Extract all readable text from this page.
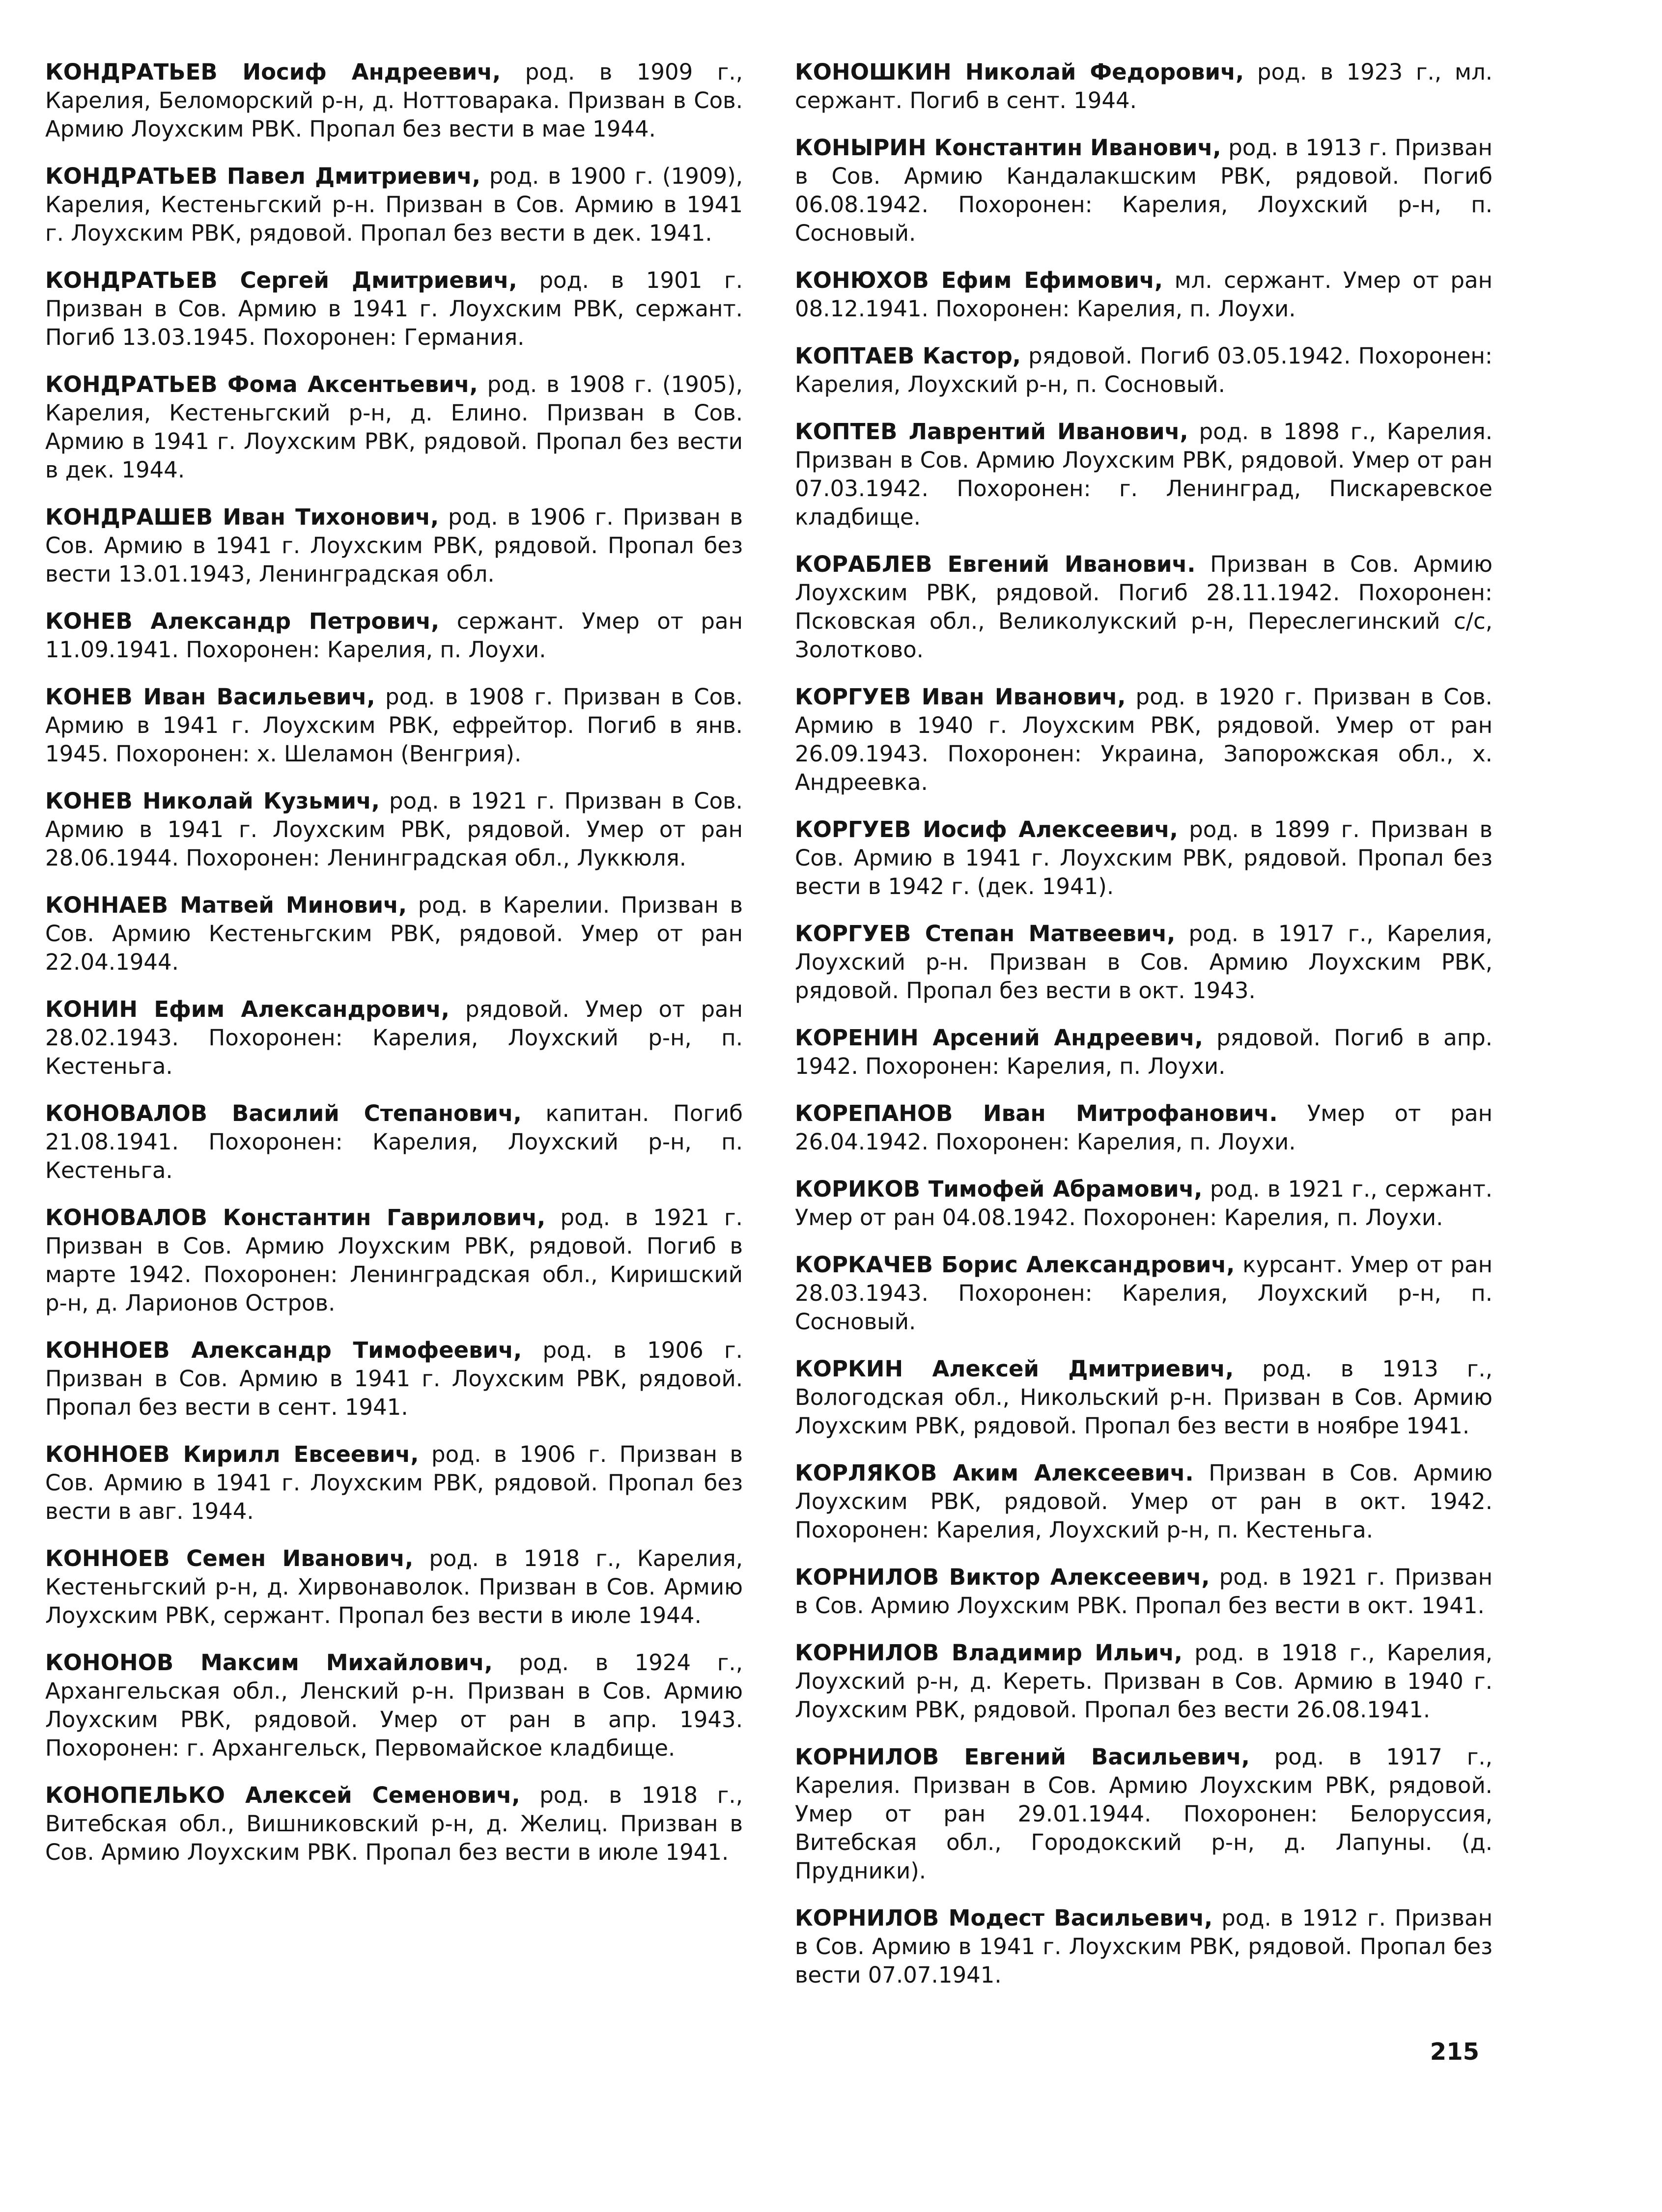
КОНДРАТЬЕВ Иосиф Андреевич, род. в 1909 г., Карелия, Беломорский р-н, д. Ноттоварака. Призван в Сов. Армию Лоухским РВК. Пропал без вести в мае 1944.

КОНДРАТЬЕВ Павел Дмитриевич, род. в 1900 г. (1909), Карелия, Кестеньгский р-н. Призван в Сов. Армию в 1941 г. Лоухским РВК, рядовой. Пропал без вести в дек. 1941.

КОНДРАТЬЕВ Сергей Дмитриевич, род. в 1901 г. Призван в Сов. Армию в 1941 г. Лоухским РВК, сержант. Погиб 13.03.1945. Похоронен: Германия.

КОНДРАТЬЕВ Фома Аксентьевич, род. в 1908 г. (1905), Карелия, Кестеньгский р-н, д. Елино. Призван в Сов. Армию в 1941 г. Лоухским РВК, рядовой. Пропал без вести в дек. 1944.

КОНДРАШЕВ Иван Тихонович, род. в 1906 г. Призван в Сов. Армию в 1941 г. Лоухским РВК, рядовой. Пропал без вести 13.01.1943, Ленинградская обл.

КОНЕВ Александр Петрович, сержант. Умер от ран 11.09.1941. Похоронен: Карелия, п. Лоухи.

КОНЕВ Иван Васильевич, род. в 1908 г. Призван в Сов. Армию в 1941 г. Лоухским РВК, ефрейтор. Погиб в янв. 1945. Похоронен: х. Шеламон (Венгрия).

КОНЕВ Николай Кузьмич, род. в 1921 г. Призван в Сов. Армию в 1941 г. Лоухским РВК, рядовой. Умер от ран 28.06.1944. Похоронен: Ленинградская обл., Луккюля.

КОННАЕВ Матвей Минович, род. в Карелии. Призван в Сов. Армию Кестеньгским РВК, рядовой. Умер от ран 22.04.1944.

КОНИН Ефим Александрович, рядовой. Умер от ран 28.02.1943. Похоронен: Карелия, Лоухский р-н, п. Кестеньга.

КОНОВАЛОВ Василий Степанович, капитан. Погиб 21.08.1941. Похоронен: Карелия, Лоухский р-н, п. Кестеньга.

КОНОВАЛОВ Константин Гаврилович, род. в 1921 г. Призван в Сов. Армию Лоухским РВК, рядовой. Погиб в марте 1942. Похоронен: Ленинградская обл., Киришский р-н, д. Ларионов Остров.

КОННОЕВ Александр Тимофеевич, род. в 1906 г. Призван в Сов. Армию в 1941 г. Лоухским РВК, рядовой. Пропал без вести в сент. 1941.

КОННОЕВ Кирилл Евсеевич, род. в 1906 г. Призван в Сов. Армию в 1941 г. Лоухским РВК, рядовой. Пропал без вести в авг. 1944.

КОННОЕВ Семен Иванович, род. в 1918 г., Карелия, Кестеньгский р-н, д. Хирвонаволок. Призван в Сов. Армию Лоухским РВК, сержант. Пропал без вести в июле 1944.

КОНОНОВ Максим Михайлович, род. в 1924 г., Архангельская обл., Ленский р-н. Призван в Сов. Армию Лоухским РВК, рядовой. Умер от ран в апр. 1943. Похоронен: г. Архангельск, Первомайское кладбище.

КОНОПЕЛЬКО Алексей Семенович, род. в 1918 г., Витебская обл., Вишниковский р-н, д. Желиц. Призван в Сов. Армию Лоухским РВК. Пропал без вести в июле 1941.

КОНОШКИН Николай Федорович, род. в 1923 г., мл. сержант. Погиб в сент. 1944.

КОНЫРИН Константин Иванович, род. в 1913 г. Призван в Сов. Армию Кандалакшским РВК, рядовой. Погиб 06.08.1942. Похоронен: Карелия, Лоухский р-н, п. Сосновый.

КОНЮХОВ Ефим Ефимович, мл. сержант. Умер от ран 08.12.1941. Похоронен: Карелия, п. Лоухи.

КОПТАЕВ Кастор, рядовой. Погиб 03.05.1942. Похоронен: Карелия, Лоухский р-н, п. Сосновый.

КОПТЕВ Лаврентий Иванович, род. в 1898 г., Карелия. Призван в Сов. Армию Лоухским РВК, рядовой. Умер от ран 07.03.1942. Похоронен: г. Ленинград, Пискаревское кладбище.

КОРАБЛЕВ Евгений Иванович. Призван в Сов. Армию Лоухским РВК, рядовой. Погиб 28.11.1942. Похоронен: Псковская обл., Великолукский р-н, Переслегинский с/с, Золотково.

КОРГУЕВ Иван Иванович, род. в 1920 г. Призван в Сов. Армию в 1940 г. Лоухским РВК, рядовой. Умер от ран 26.09.1943. Похоронен: Украина, Запорожская обл., х. Андреевка.

КОРГУЕВ Иосиф Алексеевич, род. в 1899 г. Призван в Сов. Армию в 1941 г. Лоухским РВК, рядовой. Пропал без вести в 1942 г. (дек. 1941).

КОРГУЕВ Степан Матвеевич, род. в 1917 г., Карелия, Лоухский р-н. Призван в Сов. Армию Лоухским РВК, рядовой. Пропал без вести в окт. 1943.

КОРЕНИН Арсений Андреевич, рядовой. Погиб в апр. 1942. Похоронен: Карелия, п. Лоухи.

КОРЕПАНОВ Иван Митрофанович. Умер от ран 26.04.1942. Похоронен: Карелия, п. Лоухи.

КОРИКОВ Тимофей Абрамович, род. в 1921 г., сержант. Умер от ран 04.08.1942. Похоронен: Карелия, п. Лоухи.

КОРКАЧЕВ Борис Александрович, курсант. Умер от ран 28.03.1943. Похоронен: Карелия, Лоухский р-н, п. Сосновый.

КОРКИН Алексей Дмитриевич, род. в 1913 г., Вологодская обл., Никольский р-н. Призван в Сов. Армию Лоухским РВК, рядовой. Пропал без вести в ноябре 1941.

КОРЛЯКОВ Аким Алексеевич. Призван в Сов. Армию Лоухским РВК, рядовой. Умер от ран в окт. 1942. Похоронен: Карелия, Лоухский р-н, п. Кестеньга.

КОРНИЛОВ Виктор Алексеевич, род. в 1921 г. Призван в Сов. Армию Лоухским РВК. Пропал без вести в окт. 1941.

КОРНИЛОВ Владимир Ильич, род. в 1918 г., Карелия, Лоухский р-н, д. Кереть. Призван в Сов. Армию в 1940 г. Лоухским РВК, рядовой. Пропал без вести 26.08.1941.

КОРНИЛОВ Евгений Васильевич, род. в 1917 г., Карелия. Призван в Сов. Армию Лоухским РВК, рядовой. Умер от ран 29.01.1944. Похоронен: Белоруссия, Витебская обл., Городокский р-н, д. Лапуны. (д. Прудники).

КОРНИЛОВ Модест Васильевич, род. в 1912 г. Призван в Сов. Армию в 1941 г. Лоухским РВК, рядовой. Пропал без вести 07.07.1941.

215
